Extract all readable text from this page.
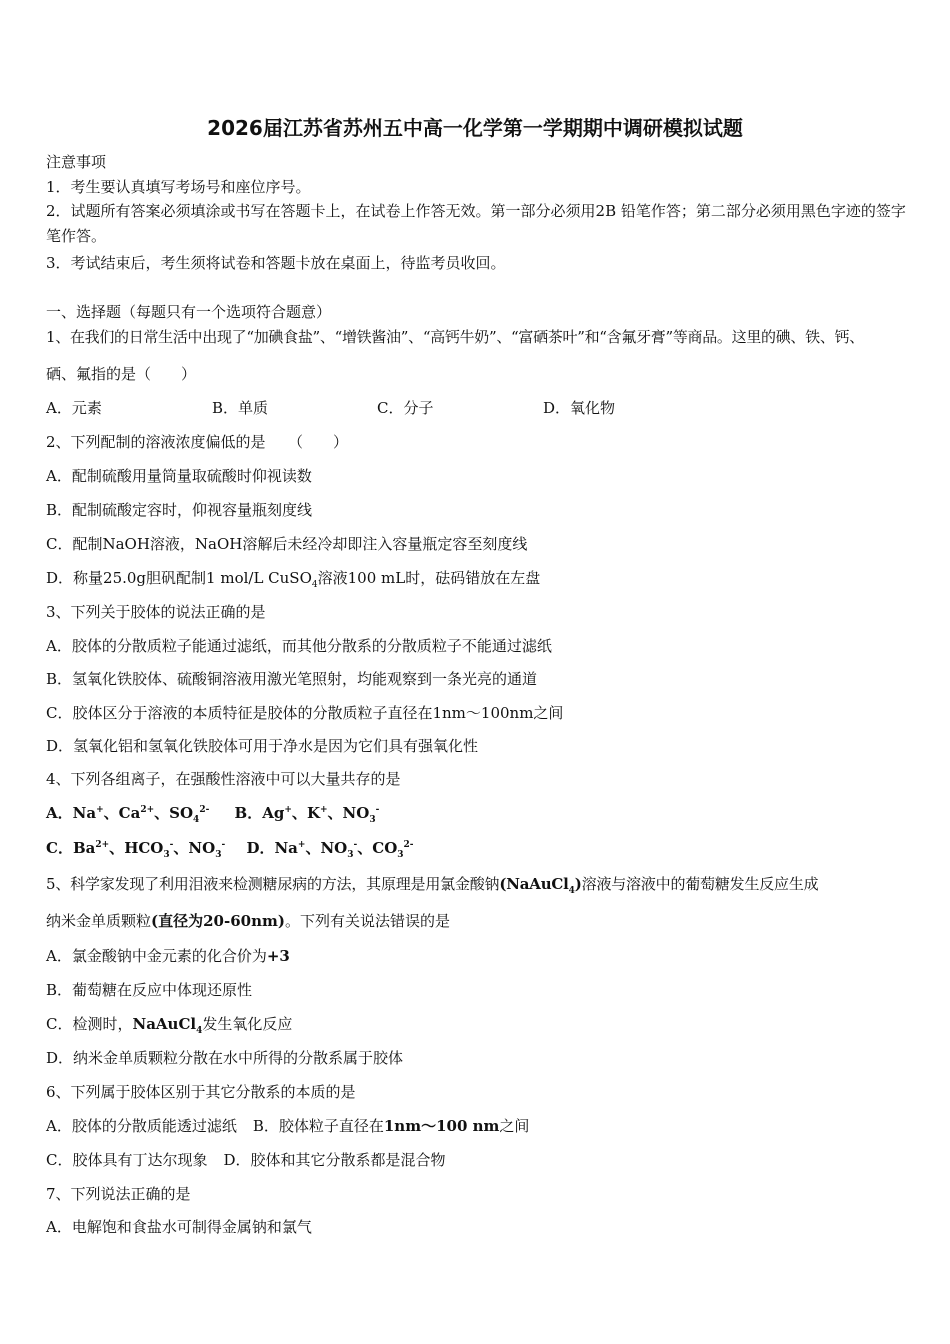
2026届江苏省苏州五中高一化学第一学期期中调研模拟试题
注意事项
1．考生要认真填写考场号和座位序号。
2．试题所有答案必须填涂或书写在答题卡上，在试卷上作答无效。第一部分必须用2B 铅笔作答；第二部分必须用黑色字迹的签字笔作答。
3．考试结束后，考生须将试卷和答题卡放在桌面上，待监考员收回。
一、选择题（每题只有一个选项符合题意）
1、在我们的日常生活中出现了“加碘食盐”、“增铁酱油”、“高钙牛奶”、“富硒茶叶”和“含氟牙膏”等商品。这里的碘、铁、钙、
硒、氟指的是（　　）
A．元素	B．单质	C．分子	D．氧化物
2、下列配制的溶液浓度偏低的是　　（　　）
A．配制硫酸用量筒量取硫酸时仰视读数
B．配制硫酸定容时，仰视容量瓶刻度线
C．配制NaOH溶液，NaOH溶解后未经冷却即注入容量瓶定容至刻度线
D．称量25.0g胆矾配制1 mol/L CuSO$_4$溶液100 mL时，砝码错放在左盘
3、下列关于胶体的说法正确的是
A．胶体的分散质粒子能通过滤纸，而其他分散系的分散质粒子不能通过滤纸
B．氢氧化铁胶体、硫酸铜溶液用激光笔照射，均能观察到一条光亮的通道
C．胶体区分于溶液的本质特征是胶体的分散质粒子直径在1nm～100nm之间
D．氢氧化铝和氢氧化铁胶体可用于净水是因为它们具有强氧化性
4、下列各组离子，在强酸性溶液中可以大量共存的是
A．Na+、$Ca^{2+}$、$SO_4^{2-}$ B．Ag+、K+、$NO_3^-$
C．$Ba^{2+}$、$HCO_3^-$、$NO_3^-$ D．Na+、$NO_3^-$、$CO_3^{2-}$
5、科学家发现了利用泪液来检测糖尿病的方法，其原理是用氯金酸钠(NaAuCl$_4$)溶液与溶液中的葡萄糖发生反应生成
纳米金单质颗粒(直径为20-60nm)。下列有关说法错误的是
A．氯金酸钠中金元素的化合价为+3
B．葡萄糖在反应中体现还原性
C．检测时，NaAuCl$_4$发生氧化反应
D．纳米金单质颗粒分散在水中所得的分散系属于胶体
6、下列属于胶体区别于其它分散系的本质的是
A．胶体的分散质能透过滤纸 B．胶体粒子直径在1nm～100 nm之间
C．胶体具有丁达尔现象 D．胶体和其它分散系都是混合物
7、下列说法正确的是
A．电解饱和食盐水可制得金属钠和氯气
